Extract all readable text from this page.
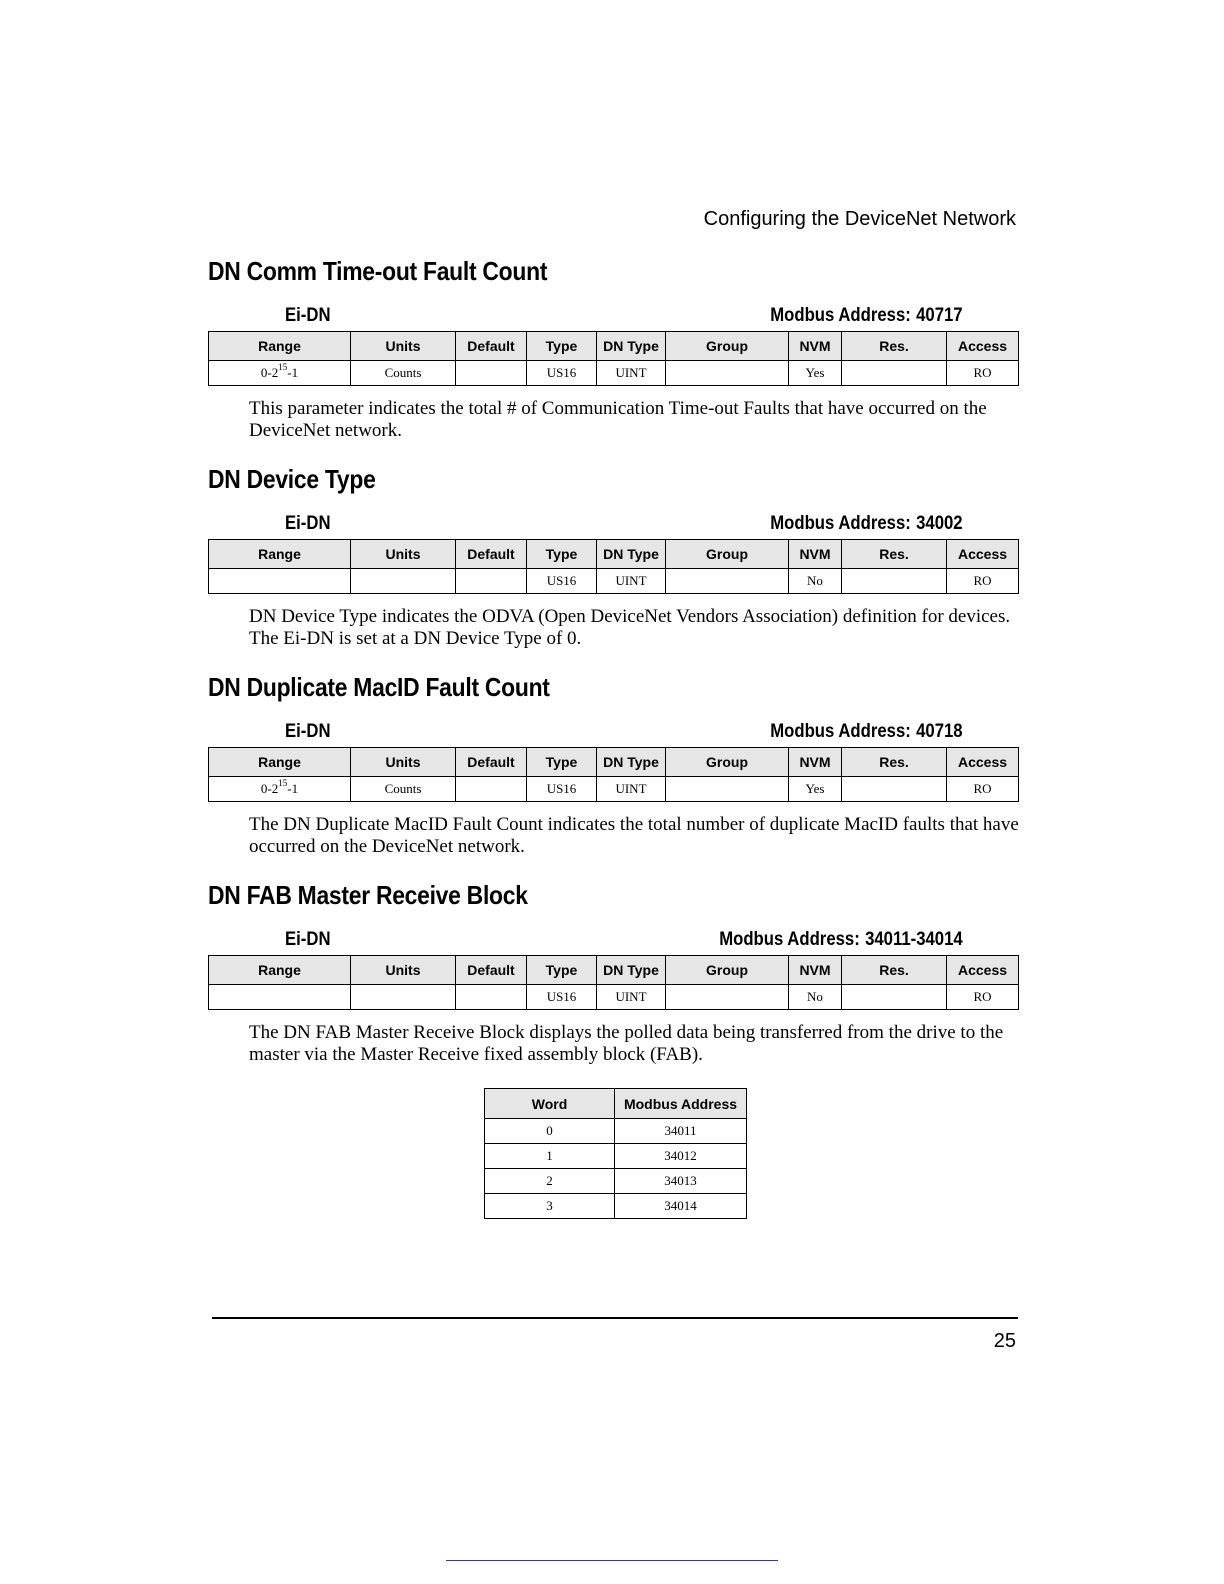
Configuring the DeviceNet Network
DN Comm Time-out Fault Count
Ei-DN	Modbus Address: 40717
Range	Units	Default	Type	DN Type	Group	NVM	Res.	Access
$0-2^{15}-1$	Counts		US16	UINT		Yes		RO

This parameter indicates the total # of Communication Time-out Faults that have occurred on the DeviceNet network.

DN Device Type
Ei-DN	Modbus Address: 34002
Range	Units	Default	Type	DN Type	Group	NVM	Res.	Access
			US16	UINT		No		RO

DN Device Type indicates the ODVA (Open DeviceNet Vendors Association) definition for devices. The Ei-DN is set at a DN Device Type of 0.

DN Duplicate MacID Fault Count
Ei-DN	Modbus Address: 40718
Range	Units	Default	Type	DN Type	Group	NVM	Res.	Access
$0-2^{15}-1$	Counts		US16	UINT		Yes		RO

The DN Duplicate MacID Fault Count indicates the total number of duplicate MacID faults that have occurred on the DeviceNet network.

DN FAB Master Receive Block
Ei-DN	Modbus Address: 34011-34014
Range	Units	Default	Type	DN Type	Group	NVM	Res.	Access
			US16	UINT		No		RO

The DN FAB Master Receive Block displays the polled data being transferred from the drive to the master via the Master Receive fixed assembly block (FAB).

Word	Modbus Address
0	34011
1	34012
2	34013
3	34014
25
